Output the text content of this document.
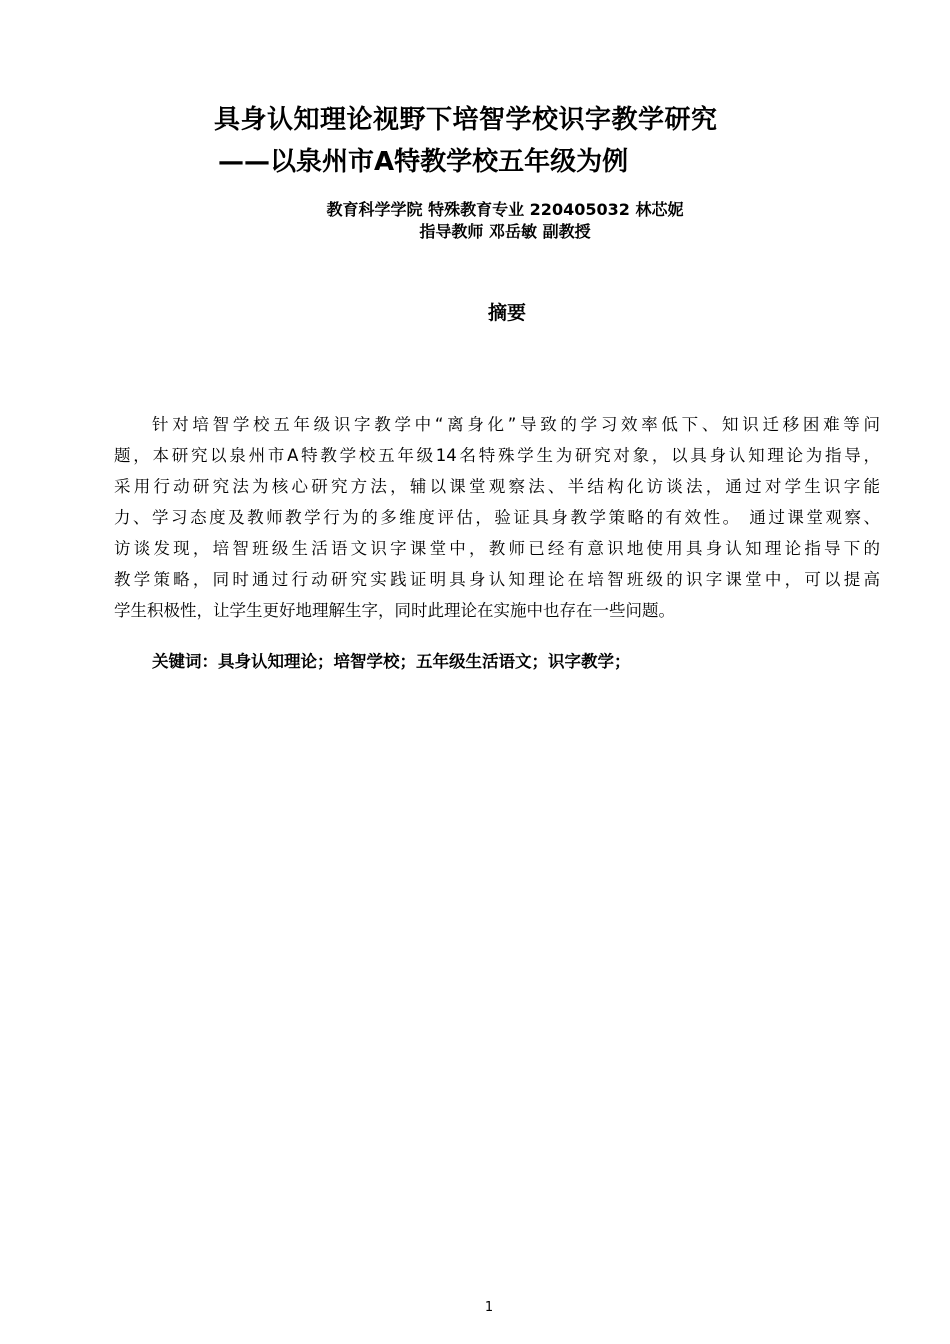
具身认知理论视野下培智学校识字教学研究
——以泉州市A特教学校五年级为例
教育科学学院 特殊教育专业 220405032 林芯妮
指导教师 邓岳敏 副教授
摘要
针对培智学校五年级识字教学中“离身化”导致的学习效率低下、知识迁移困难等问
题，本研究以泉州市A特教学校五年级14名特殊学生为研究对象，以具身认知理论为指导，
采用行动研究法为核心研究方法，辅以课堂观察法、半结构化访谈法，通过对学生识字能
力、学习态度及教师教学行为的多维度评估，验证具身教学策略的有效性。 通过课堂观察、
访谈发现，培智班级生活语文识字课堂中，教师已经有意识地使用具身认知理论指导下的
教学策略，同时通过行动研究实践证明具身认知理论在培智班级的识字课堂中，可以提高
学生积极性，让学生更好地理解生字，同时此理论在实施中也存在一些问题。
关键词：具身认知理论；培智学校；五年级生活语文；识字教学；
1
